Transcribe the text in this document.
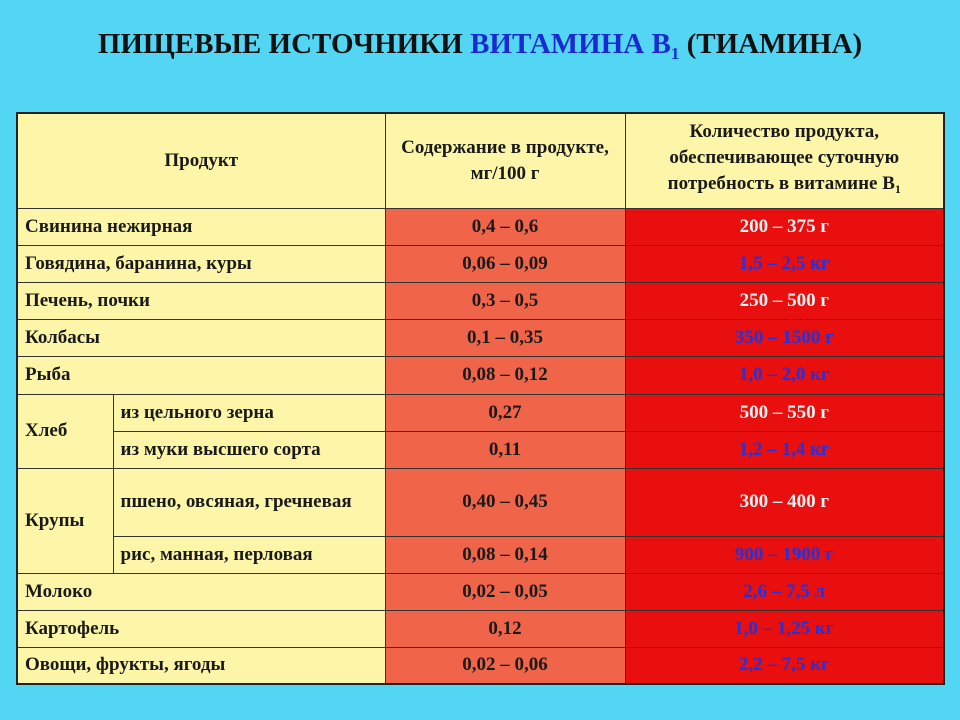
ПИЩЕВЫЕ ИСТОЧНИКИ ВИТАМИНА $В_1$ (ТИАМИНА)
Продукт		Содержание в продукте, мг/100 г	Количество продукта, обеспечивающее суточную потребность в витамине $В_1$
Свинина нежирная		0,4 – 0,6	200 – 375 г
Говядина, баранина, куры		0,06 – 0,09	1,5 – 2,5 кг
Печень, почки		0,3 – 0,5	250 – 500 г
Колбасы		0,1 – 0,35	350 – 1500 г
Рыба		0,08 – 0,12	1,0 – 2,0 кг
Хлеб	из цельного зерна	0,27	500 – 550 г
	из муки высшего сорта	0,11	1,2 – 1,4 кг
Крупы	пшено, овсяная, гречневая	0,40 – 0,45	300 – 400 г
	рис, манная, перловая	0,08 – 0,14	900 – 1900 г
Молоко		0,02 – 0,05	2,6 – 7,5 л
Картофель		0,12	1,0 – 1,25 кг
Овощи, фрукты, ягоды		0,02 – 0,06	2,2 – 7,5 кг
